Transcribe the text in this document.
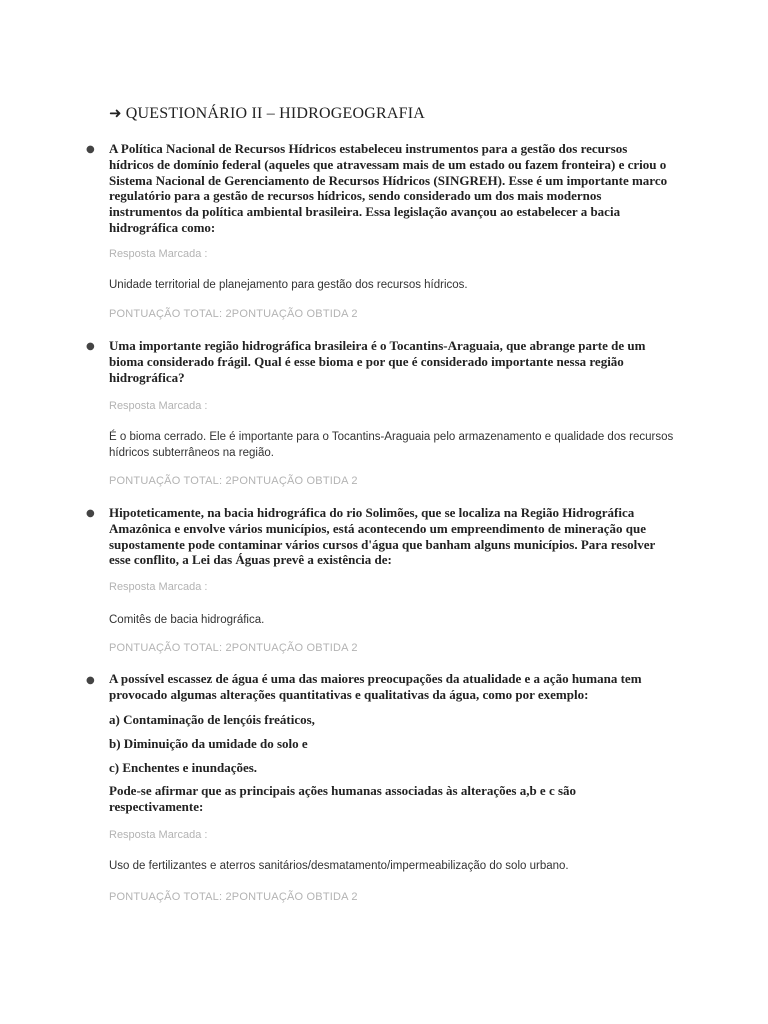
➜ QUESTIONÁRIO II – HIDROGEOGRAFIA
● A Política Nacional de Recursos Hídricos estabeleceu instrumentos para a gestão dos recursos hídricos de domínio federal (aqueles que atravessam mais de um estado ou fazem fronteira) e criou o Sistema Nacional de Gerenciamento de Recursos Hídricos (SINGREH). Esse é um importante marco regulatório para a gestão de recursos hídricos, sendo considerado um dos mais modernos instrumentos da política ambiental brasileira. Essa legislação avançou ao estabelecer a bacia hidrográfica como:
Resposta Marcada :
Unidade territorial de planejamento para gestão dos recursos hídricos.
PONTUAÇÃO TOTAL: 2PONTUAÇÃO OBTIDA 2
● Uma importante região hidrográfica brasileira é o Tocantins-Araguaia, que abrange parte de um bioma considerado frágil. Qual é esse bioma e por que é considerado importante nessa região hidrográfica?
Resposta Marcada :
É o bioma cerrado. Ele é importante para o Tocantins-Araguaia pelo armazenamento e qualidade dos recursos hídricos subterrâneos na região.
PONTUAÇÃO TOTAL: 2PONTUAÇÃO OBTIDA 2
● Hipoteticamente, na bacia hidrográfica do rio Solimões, que se localiza na Região Hidrográfica Amazônica e envolve vários municípios, está acontecendo um empreendimento de mineração que supostamente pode contaminar vários cursos d'água que banham alguns municípios. Para resolver esse conflito, a Lei das Águas prevê a existência de:
Resposta Marcada :
Comitês de bacia hidrográfica.
PONTUAÇÃO TOTAL: 2PONTUAÇÃO OBTIDA 2
● A possível escassez de água é uma das maiores preocupações da atualidade e a ação humana tem provocado algumas alterações quantitativas e qualitativas da água, como por exemplo:
a) Contaminação de lençóis freáticos,
b) Diminuição da umidade do solo e
c) Enchentes e inundações.
Pode-se afirmar que as principais ações humanas associadas às alterações a,b e c são respectivamente:
Resposta Marcada :
Uso de fertilizantes e aterros sanitários/desmatamento/impermeabilização do solo urbano.
PONTUAÇÃO TOTAL: 2PONTUAÇÃO OBTIDA 2
